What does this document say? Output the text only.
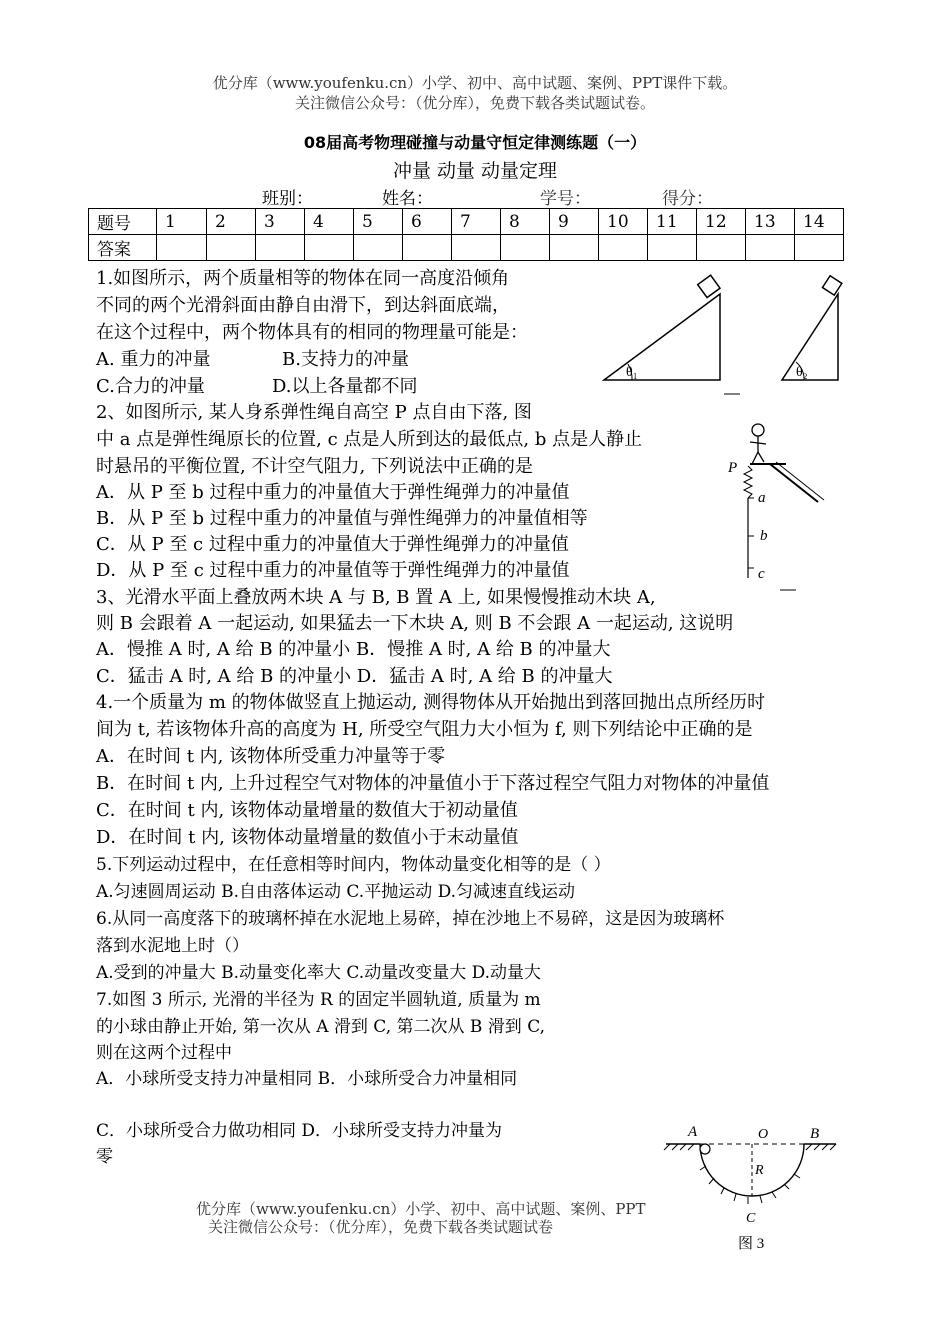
优分库（www.youfenku.cn）小学、初中、高中试题、案例、PPT课件下载。
关注微信公众号：（优分库），免费下载各类试题试卷。
08届高考物理碰撞与动量守恒定律测练题（一）
冲量 动量 动量定理
班别：	姓名：	学号：	得分：
题号	1	2	3	4	5	6	7	8	9	10	11	12	13	14
答案														
1.如图所示，两个质量相等的物体在同一高度沿倾角
不同的两个光滑斜面由静自由滑下，到达斜面底端，
在这个过程中，两个物体具有的相同的物理量可能是：
A. 重力的冲量	B.支持力的冲量
C.合力的冲量	D.以上各量都不同
θ₁	θ₂
2、如图所示, 某人身系弹性绳自高空 P 点自由下落, 图
中 a 点是弹性绳原长的位置, c 点是人所到达的最低点, b 点是人静止
时悬吊的平衡位置, 不计空气阻力, 下列说法中正确的是
A．从 P 至 b 过程中重力的冲量值大于弹性绳弹力的冲量值
B．从 P 至 b 过程中重力的冲量值与弹性绳弹力的冲量值相等
C．从 P 至 c 过程中重力的冲量值大于弹性绳弹力的冲量值
D．从 P 至 c 过程中重力的冲量值等于弹性绳弹力的冲量值
P
a
b
c
3、光滑水平面上叠放两木块 A 与 B, B 置 A 上, 如果慢慢推动木块 A,
则 B 会跟着 A 一起运动, 如果猛去一下木块 A, 则 B 不会跟 A 一起运动, 这说明
A．慢推 A 时, A 给 B 的冲量小 B．慢推 A 时, A 给 B 的冲量大
C．猛击 A 时, A 给 B 的冲量小 D．猛击 A 时, A 给 B 的冲量大
4.一个质量为 m 的物体做竖直上抛运动, 测得物体从开始抛出到落回抛出点所经历时
间为 t, 若该物体升高的高度为 H, 所受空气阻力大小恒为 f, 则下列结论中正确的是
A．在时间 t 内, 该物体所受重力冲量等于零
B．在时间 t 内, 上升过程空气对物体的冲量值小于下落过程空气阻力对物体的冲量值
C．在时间 t 内, 该物体动量增量的数值大于初动量值
D．在时间 t 内, 该物体动量增量的数值小于末动量值
5.下列运动过程中，在任意相等时间内，物体动量变化相等的是（ ）
A.匀速圆周运动 B.自由落体运动 C.平抛运动 D.匀减速直线运动
6.从同一高度落下的玻璃杯掉在水泥地上易碎，掉在沙地上不易碎，这是因为玻璃杯
落到水泥地上时（）
A.受到的冲量大 B.动量变化率大 C.动量改变量大 D.动量大
7.如图 3 所示, 光滑的半径为 R 的固定半圆轨道, 质量为 m
的小球由静止开始, 第一次从 A 滑到 C, 第二次从 B 滑到 C,
则在这两个过程中
A．小球所受支持力冲量相同 B．小球所受合力冲量相同
C．小球所受合力做功相同 D．小球所受支持力冲量为
零
优分库（www.youfenku.cn）小学、初中、高中试题、案例、PPT
关注微信公众号：（优分库），免费下载各类试题试卷
A	O	B
R
C
图 3
